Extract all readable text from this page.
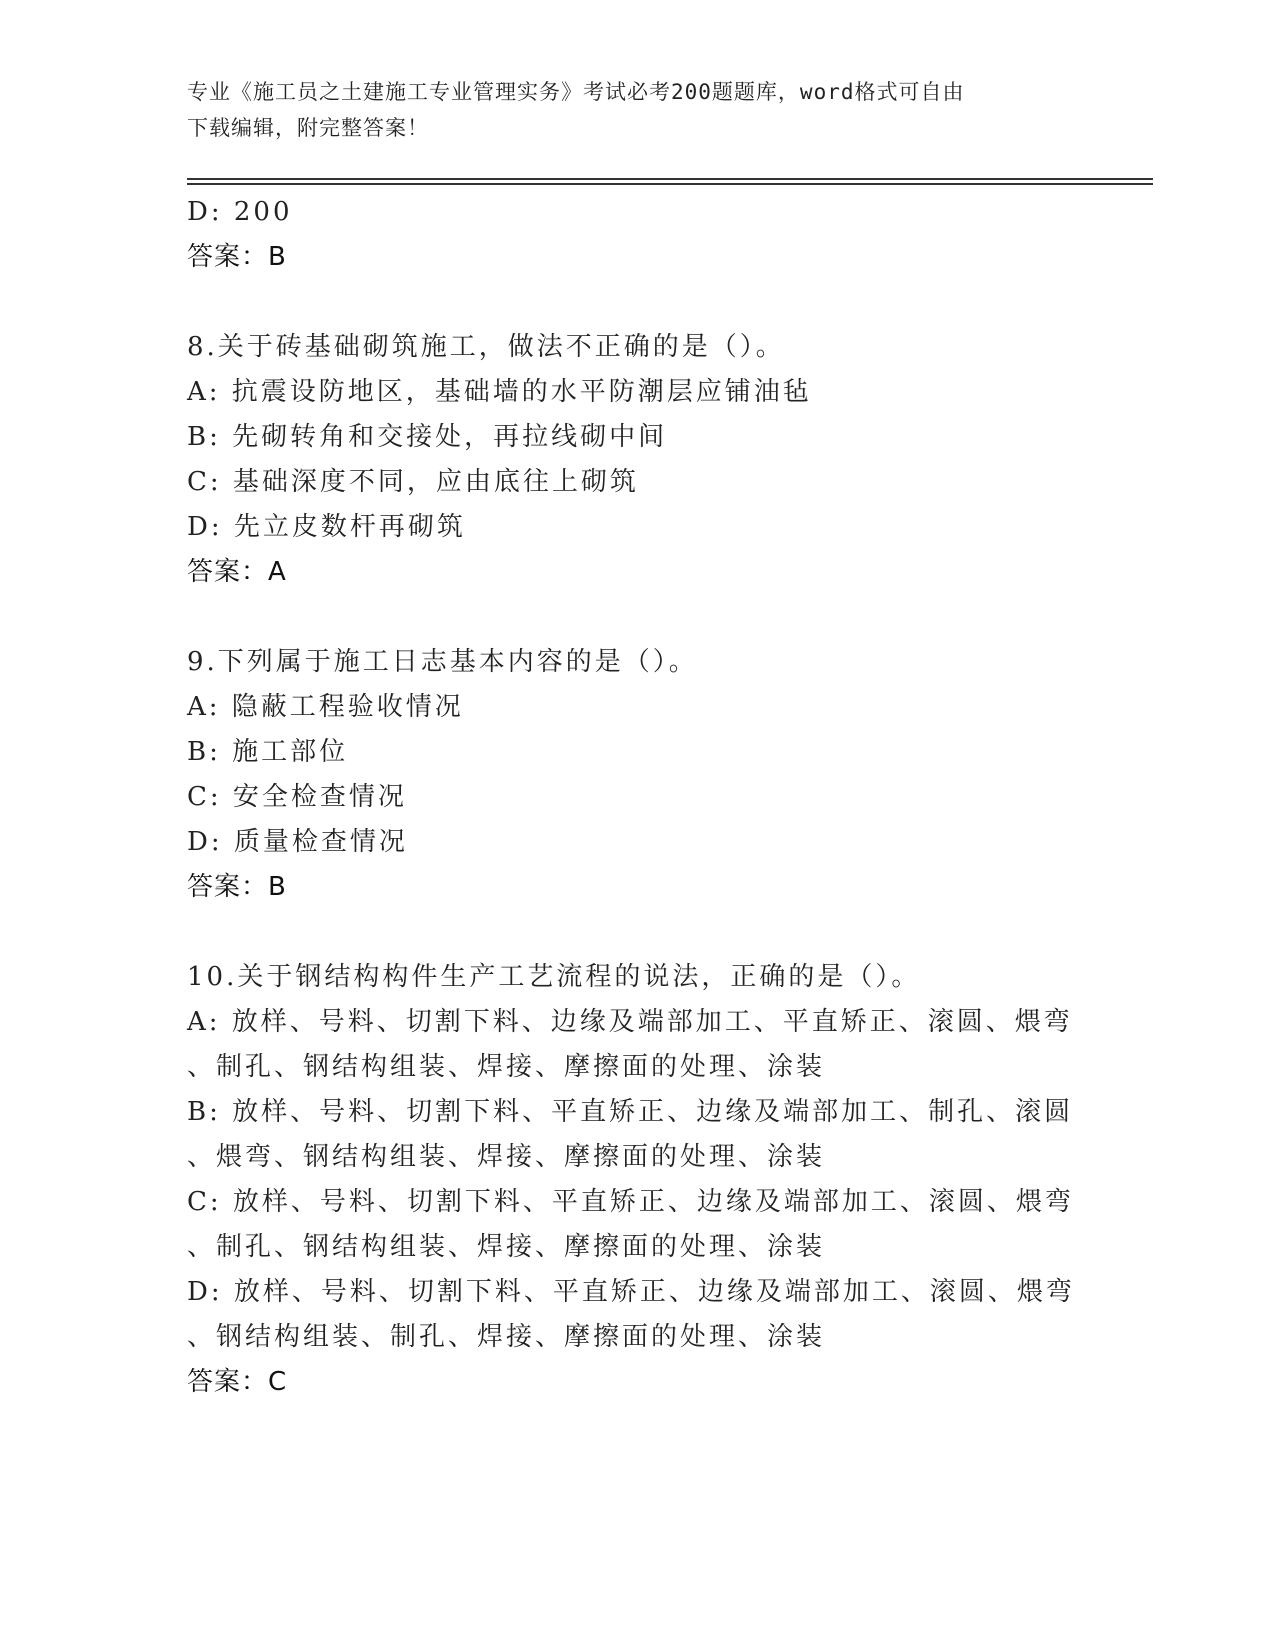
专业《施工员之土建施工专业管理实务》考试必考200题题库，word格式可自由
下载编辑，附完整答案！
D: 200
答案：B
8.关于砖基础砌筑施工，做法不正确的是（）。
A: 抗震设防地区，基础墙的水平防潮层应铺油毡
B: 先砌转角和交接处，再拉线砌中间
C: 基础深度不同，应由底往上砌筑
D: 先立皮数杆再砌筑
答案：A
9.下列属于施工日志基本内容的是（）。
A: 隐蔽工程验收情况
B: 施工部位
C: 安全检查情况
D: 质量检查情况
答案：B
10.关于钢结构构件生产工艺流程的说法，正确的是（）。
A: 放样、号料、切割下料、边缘及端部加工、平直矫正、滚圆、煨弯
、制孔、钢结构组装、焊接、摩擦面的处理、涂装
B: 放样、号料、切割下料、平直矫正、边缘及端部加工、制孔、滚圆
、煨弯、钢结构组装、焊接、摩擦面的处理、涂装
C: 放样、号料、切割下料、平直矫正、边缘及端部加工、滚圆、煨弯
、制孔、钢结构组装、焊接、摩擦面的处理、涂装
D: 放样、号料、切割下料、平直矫正、边缘及端部加工、滚圆、煨弯
、钢结构组装、制孔、焊接、摩擦面的处理、涂装
答案：C
